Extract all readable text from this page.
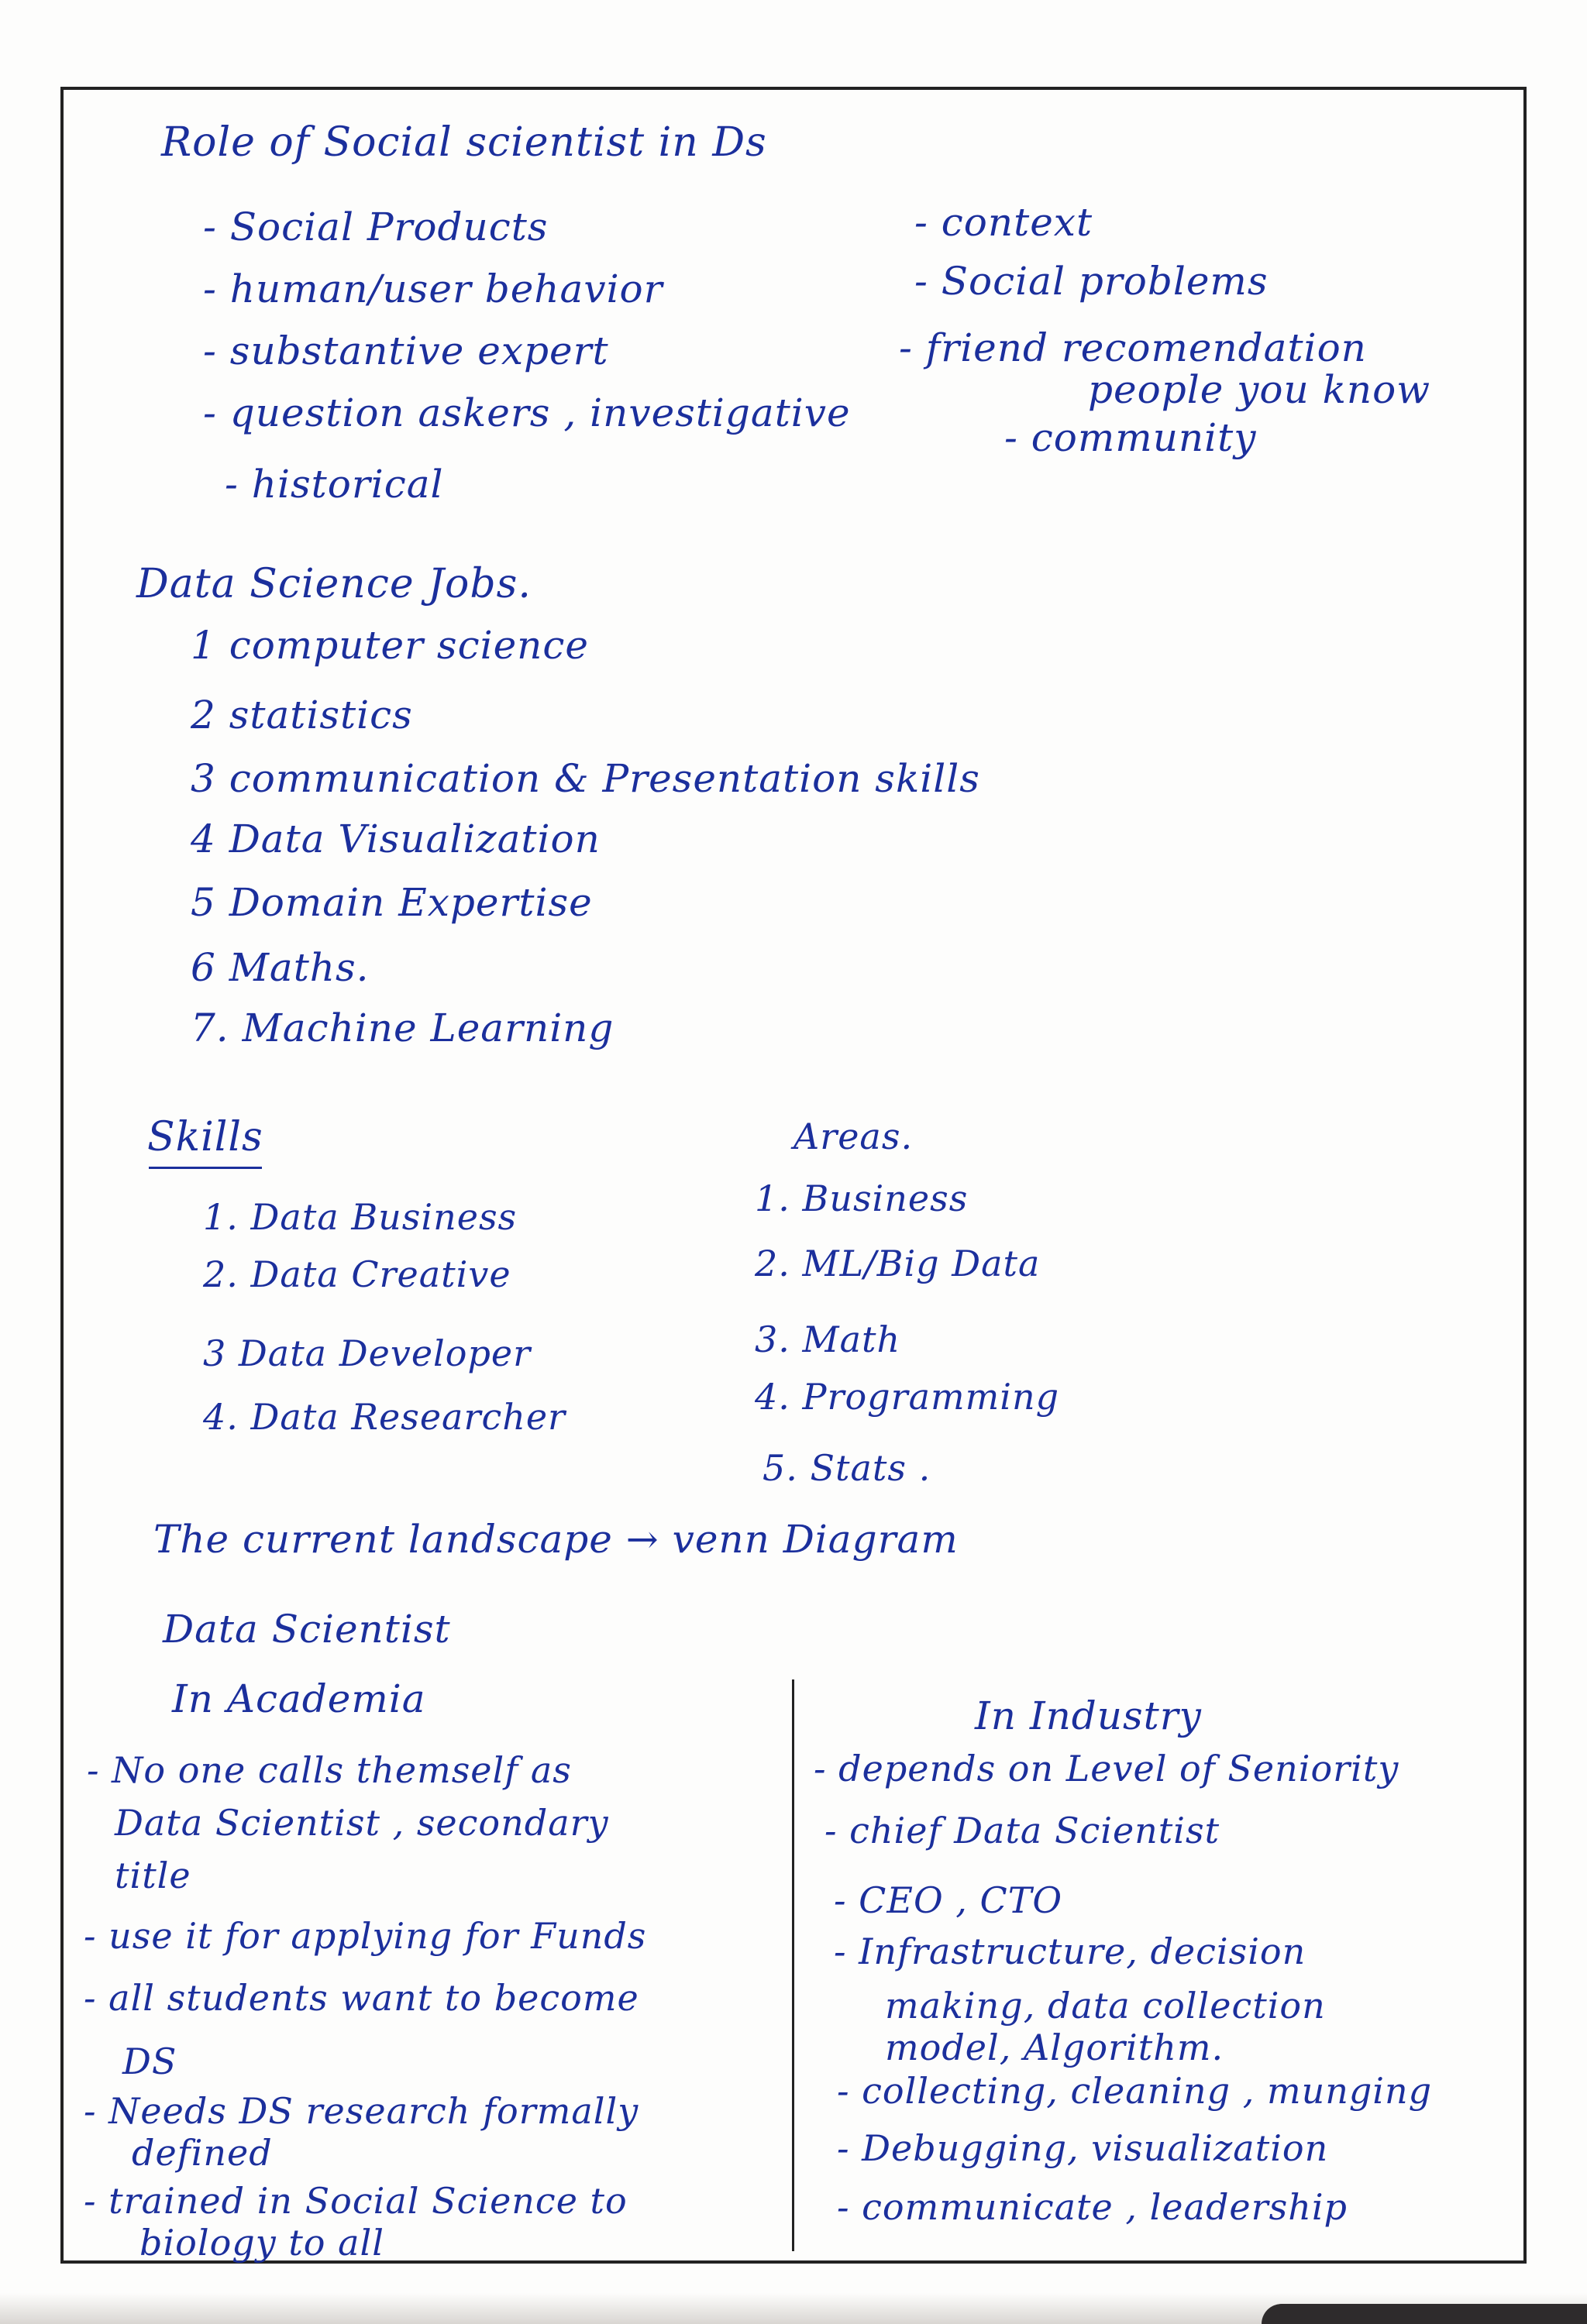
Role of Social scientist in Ds
- Social Products
- human/user behavior
- substantive expert
- question askers , investigative
- historical
- context
- Social problems
- friend recomendation
people you know
- community
Data Science Jobs.
1 computer science
2 statistics
3 communication & Presentation skills
4 Data Visualization
5 Domain Expertise
6 Maths.
7. Machine Learning
Skills
1. Data Business
2. Data Creative
3 Data Developer
4. Data Researcher
Areas.
1. Business
2. ML/Big Data
3. Math
4. Programming
5. Stats .
The current landscape → venn Diagram
Data Scientist
In Academia	In Industry
- No one calls themself as
Data Scientist , secondary
title
- use it for applying for Funds
- all students want to become
DS
- Needs DS research formally
defined
- trained in Social Science to
biology to all
- depends on Level of Seniority
- chief Data Scientist
- CEO , CTO
- Infrastructure, decision
making, data collection
model, Algorithm.
- collecting, cleaning , munging
- Debugging, visualization
- communicate , leadership
